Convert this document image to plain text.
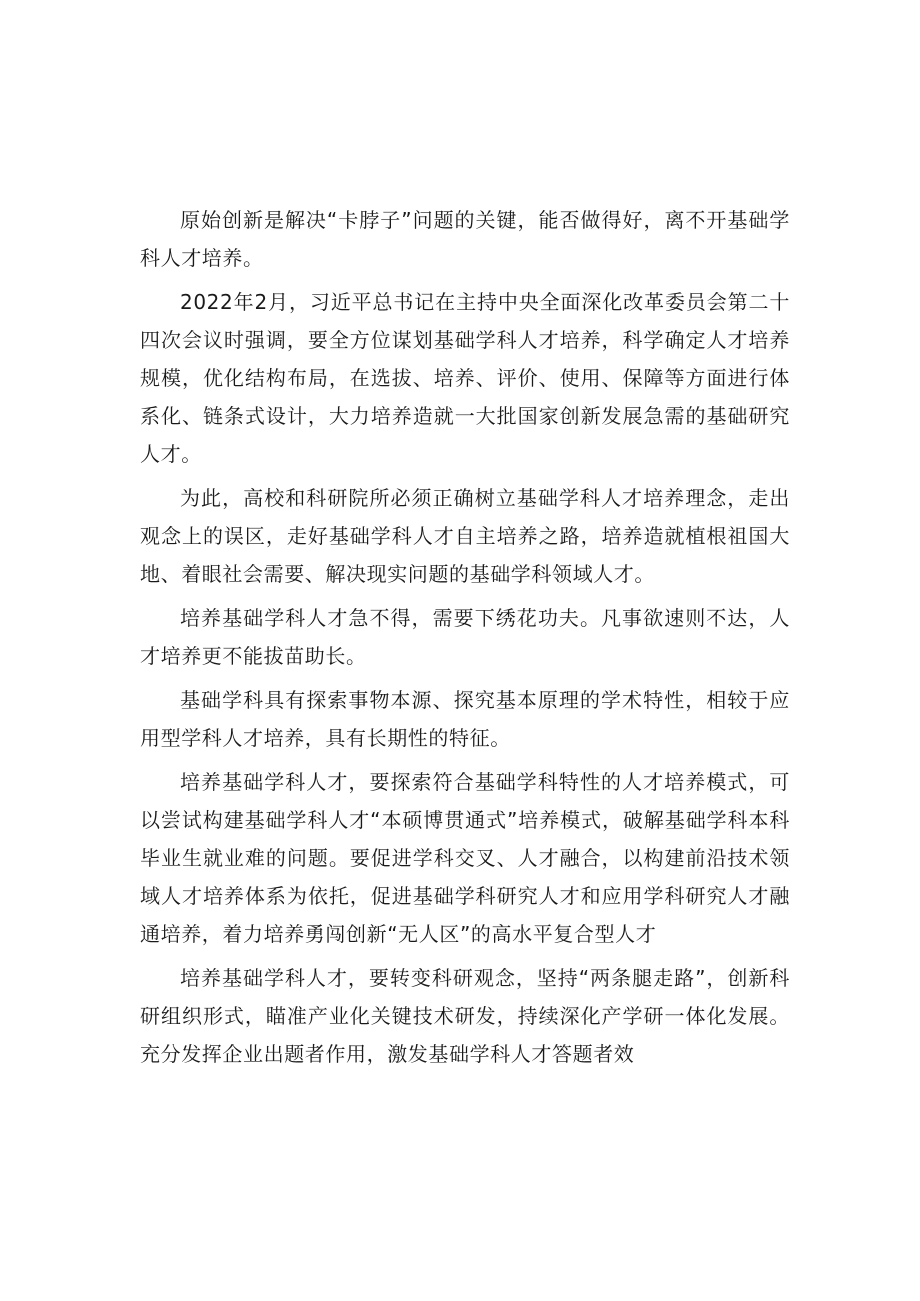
原始创新是解决“卡脖子”问题的关键，能否做得好，离不开基础学科人才培养。

2022年2月，习近平总书记在主持中央全面深化改革委员会第二十四次会议时强调，要全方位谋划基础学科人才培养，科学确定人才培养规模，优化结构布局，在选拔、培养、评价、使用、保障等方面进行体系化、链条式设计，大力培养造就一大批国家创新发展急需的基础研究人才。

为此，高校和科研院所必须正确树立基础学科人才培养理念，走出观念上的误区，走好基础学科人才自主培养之路，培养造就植根祖国大地、着眼社会需要、解决现实问题的基础学科领域人才。

培养基础学科人才急不得，需要下绣花功夫。凡事欲速则不达，人才培养更不能拔苗助长。

基础学科具有探索事物本源、探究基本原理的学术特性，相较于应用型学科人才培养，具有长期性的特征。

培养基础学科人才，要探索符合基础学科特性的人才培养模式，可以尝试构建基础学科人才“本硕博贯通式”培养模式，破解基础学科本科毕业生就业难的问题。要促进学科交叉、人才融合，以构建前沿技术领域人才培养体系为依托，促进基础学科研究人才和应用学科研究人才融通培养，着力培养勇闯创新“无人区”的高水平复合型人才

培养基础学科人才，要转变科研观念，坚持“两条腿走路”，创新科研组织形式，瞄准产业化关键技术研发，持续深化产学研一体化发展。充分发挥企业出题者作用，激发基础学科人才答题者效
